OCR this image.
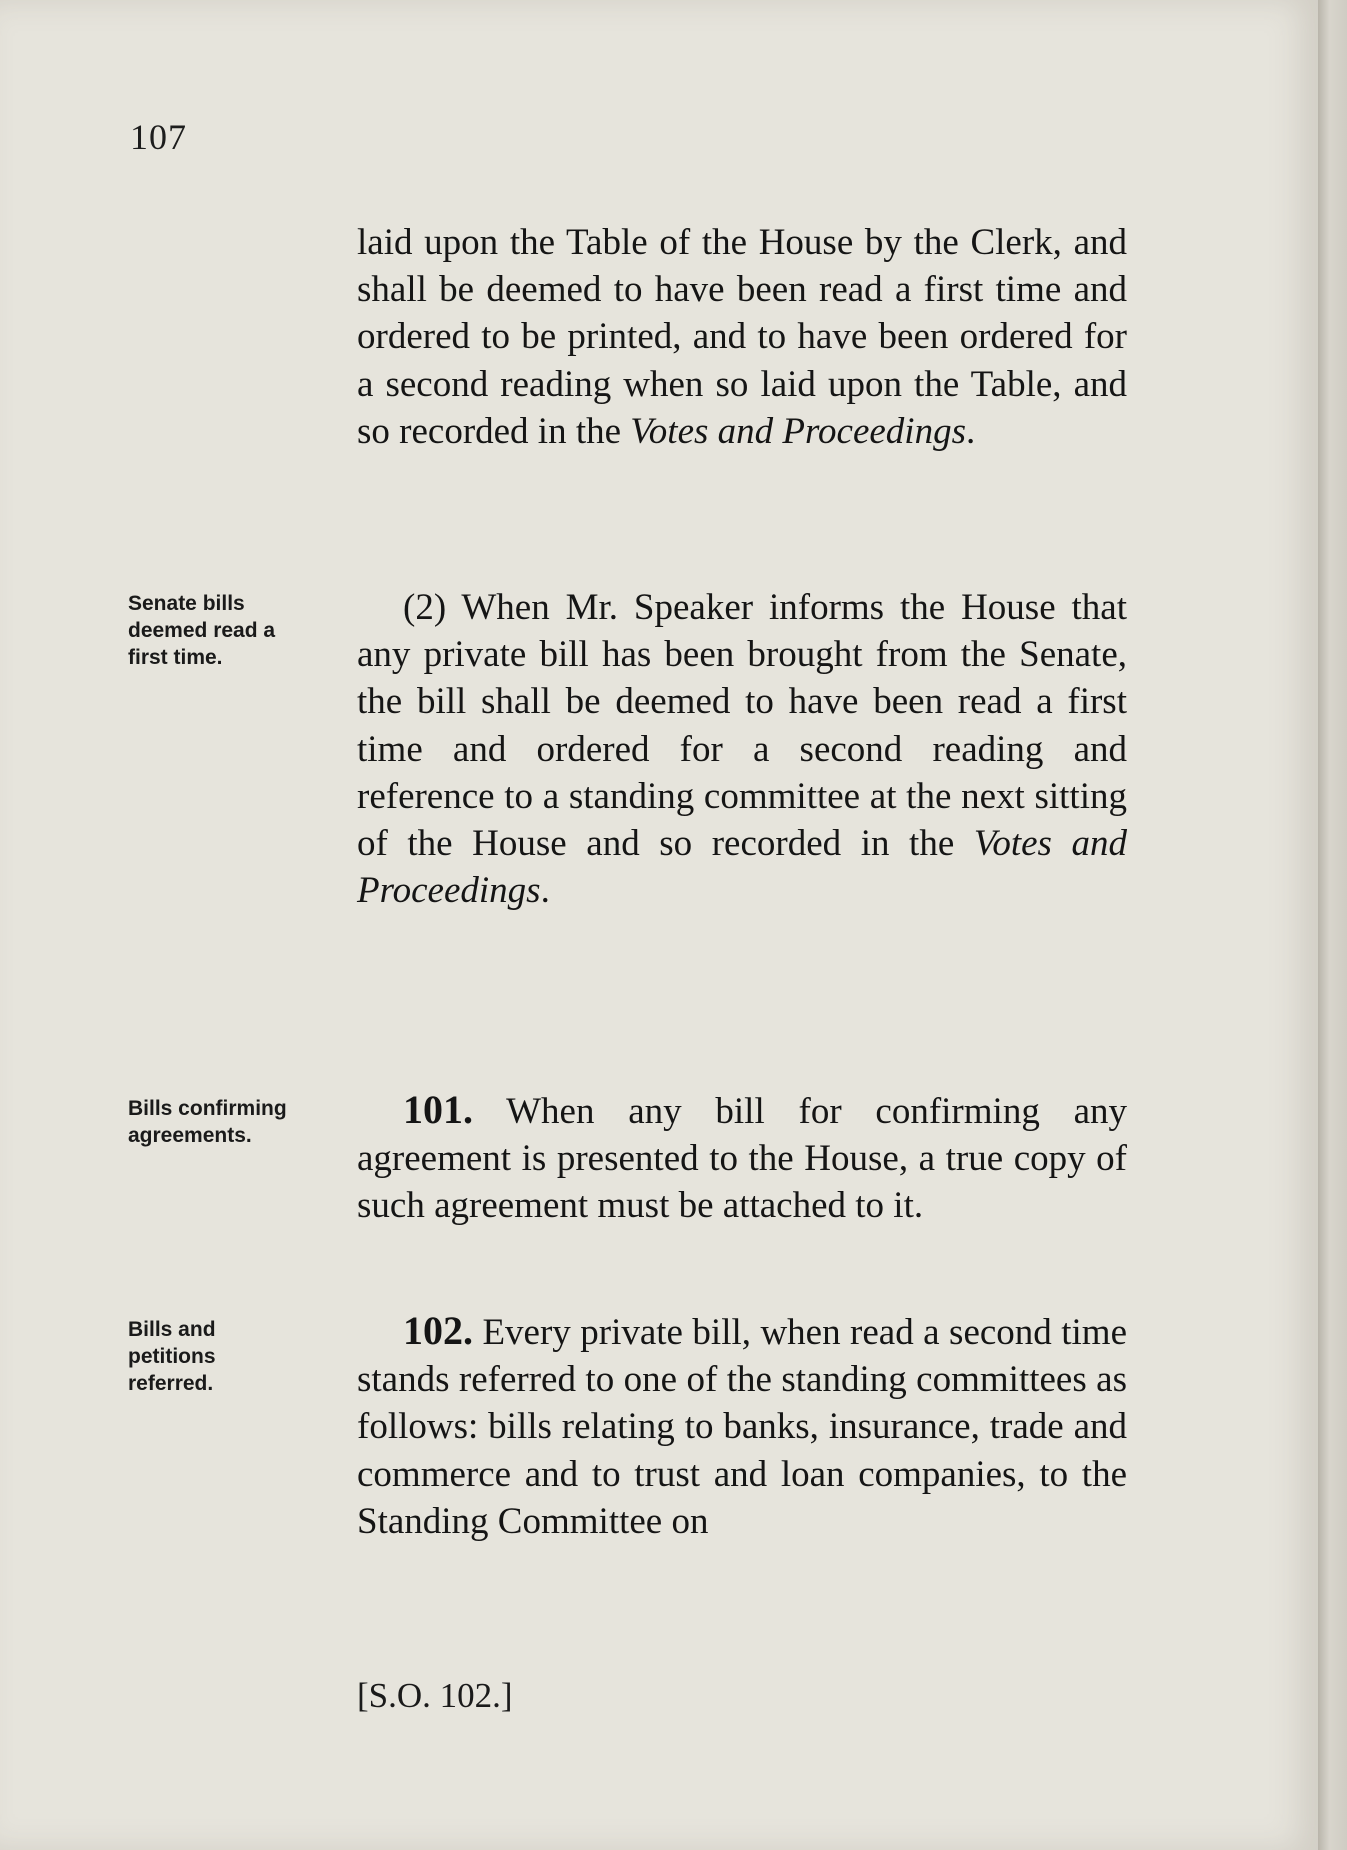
107
laid upon the Table of the House by the Clerk, and shall be deemed to have been read a first time and ordered to be printed, and to have been ordered for a second reading when so laid upon the Table, and so recorded in the Votes and Proceedings.
Senate bills deemed read a first time.
(2) When Mr. Speaker informs the House that any private bill has been brought from the Senate, the bill shall be deemed to have been read a first time and ordered for a second reading and reference to a standing committee at the next sitting of the House and so recorded in the Votes and Proceedings.
Bills confirming agreements.
101. When any bill for confirming any agreement is presented to the House, a true copy of such agreement must be attached to it.
Bills and petitions referred.
102. Every private bill, when read a second time stands referred to one of the standing committees as follows: bills relating to banks, insurance, trade and commerce and to trust and loan companies, to the Standing Committee on
[S.O. 102.]
